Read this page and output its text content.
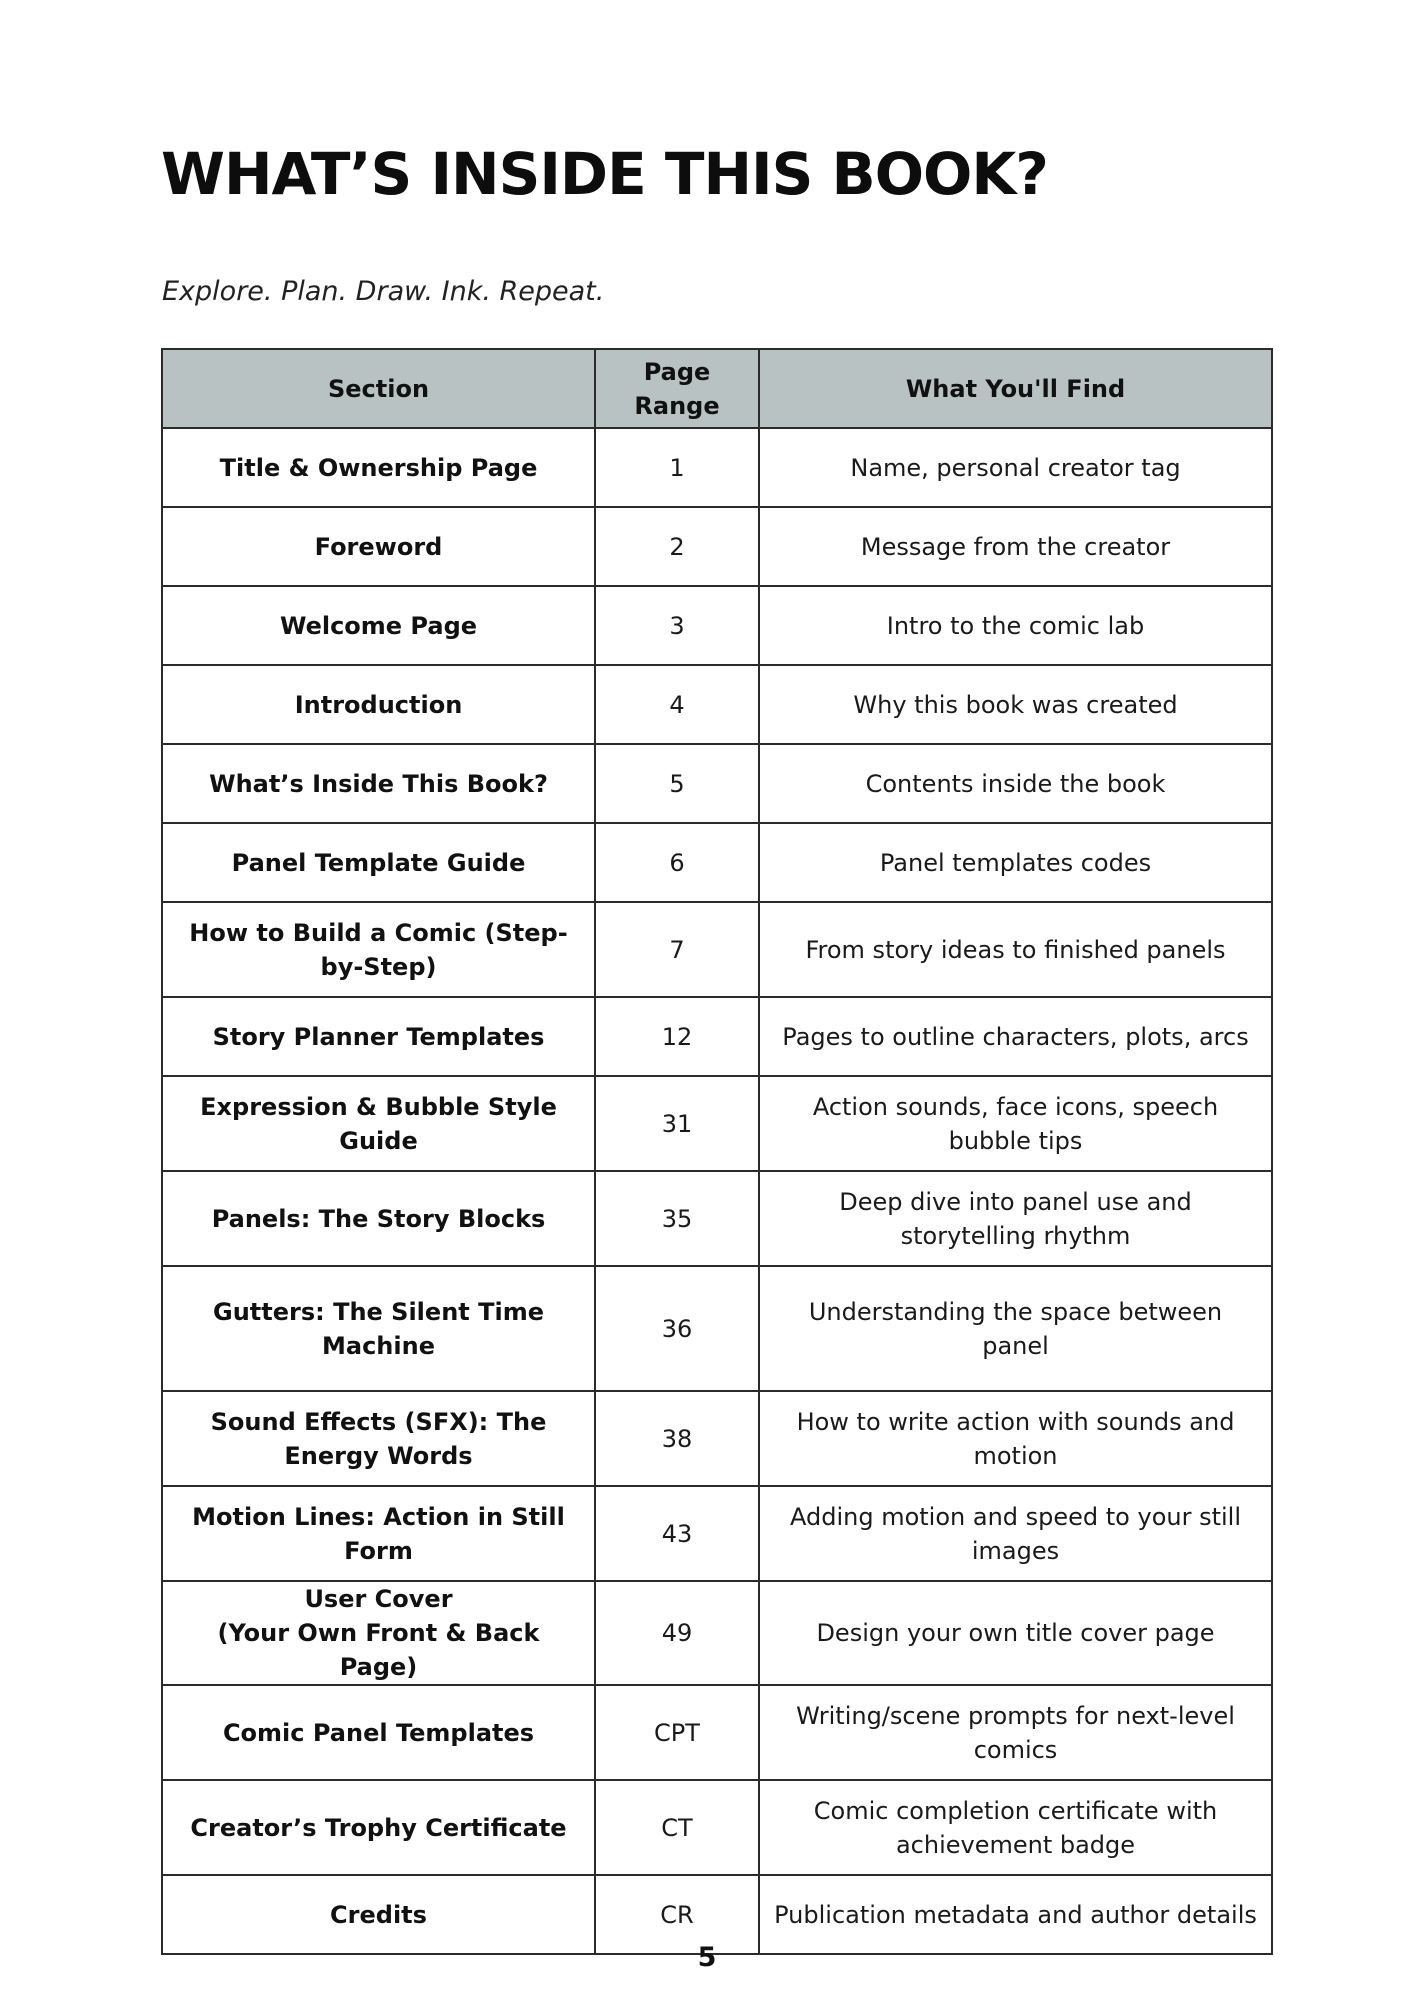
WHAT’S INSIDE THIS BOOK?

Explore. Plan. Draw. Ink. Repeat.

Section	Page Range	What You'll Find
Title & Ownership Page	1	Name, personal creator tag
Foreword	2	Message from the creator
Welcome Page	3	Intro to the comic lab
Introduction	4	Why this book was created
What’s Inside This Book?	5	Contents inside the book
Panel Template Guide	6	Panel templates codes
How to Build a Comic (Step-by-Step)	7	From story ideas to finished panels
Story Planner Templates	12	Pages to outline characters, plots, arcs
Expression & Bubble Style Guide	31	Action sounds, face icons, speech bubble tips
Panels: The Story Blocks	35	Deep dive into panel use and storytelling rhythm
Gutters: The Silent Time Machine	36	Understanding the space between panel
Sound Effects (SFX): The Energy Words	38	How to write action with sounds and motion
Motion Lines: Action in Still Form	43	Adding motion and speed to your still images
User Cover
(Your Own Front & Back Page)	49	Design your own title cover page
Comic Panel Templates	CPT	Writing/scene prompts for next-level comics
Creator’s Trophy Certificate	CT	Comic completion certificate with achievement badge
Credits	CR	Publication metadata and author details
5
